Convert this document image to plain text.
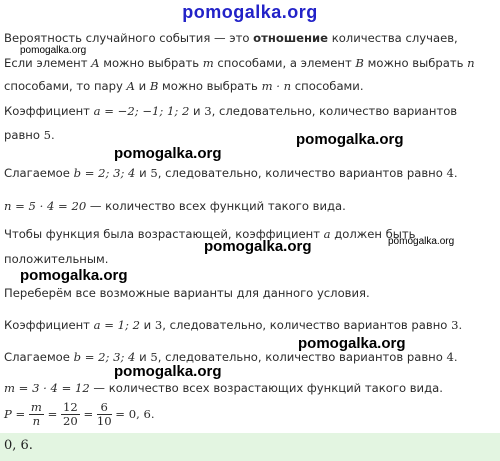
pomogalka.org
Вероятность случайного события — это отношение количества случаев,
pomogalka.org
Если элемент A можно выбрать m способами, а элемент B можно выбрать n
способами, то пару A и B можно выбрать m · n способами.
Коэффициент a = −2; −1; 1; 2 и 3, следовательно, количество вариантов
равно 5.	pomogalka.org
pomogalka.org
Слагаемое b = 2; 3; 4 и 5, следовательно, количество вариантов равно 4.
n = 5 · 4 = 20 — количество всех функций такого вида.
Чтобы функция была возрастающей, коэффициент a должен быть
pomogalka.org	pomogalka.org
положительным.
pomogalka.org
Переберём все возможные варианты для данного условия.
Коэффициент a = 1; 2 и 3, следовательно, количество вариантов равно 3.
pomogalka.org
Слагаемое b = 2; 3; 4 и 5, следовательно, количество вариантов равно 4.
pomogalka.org
m = 3 · 4 = 12 — количество всех возрастающих функций такого вида.
$P = \frac{m}{n} = \frac{12}{20} = \frac{6}{10} = 0$, 6.
0, 6.
